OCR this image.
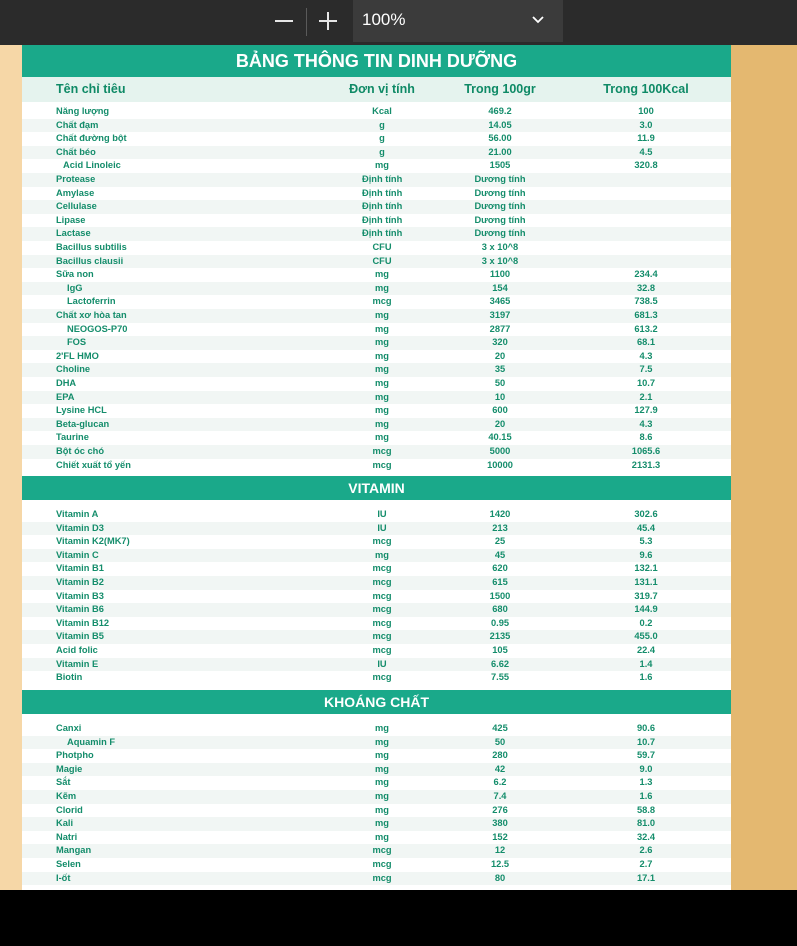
100%
BẢNG THÔNG TIN DINH DƯỠNG
Tên chỉ tiêu	Đơn vị tính	Trong 100gr	Trong 100Kcal
Năng lượng	Kcal	469.2	100
Chất đạm	g	14.05	3.0
Chất đường bột	g	56.00	11.9
Chất béo	g	21.00	4.5
Acid Linoleic	mg	1505	320.8
Protease	Định tính	Dương tính
Amylase	Định tính	Dương tính
Cellulase	Định tính	Dương tính
Lipase	Định tính	Dương tính
Lactase	Định tính	Dương tính
Bacillus subtilis	CFU	3 x 10^8
Bacillus clausii	CFU	3 x 10^8
Sữa non	mg	1100	234.4
IgG	mg	154	32.8
Lactoferrin	mcg	3465	738.5
Chất xơ hòa tan	mg	3197	681.3
NEOGOS-P70	mg	2877	613.2
FOS	mg	320	68.1
2'FL HMO	mg	20	4.3
Choline	mg	35	7.5
DHA	mg	50	10.7
EPA	mg	10	2.1
Lysine HCL	mg	600	127.9
Beta-glucan	mg	20	4.3
Taurine	mg	40.15	8.6
Bột óc chó	mcg	5000	1065.6
Chiết xuất tổ yến	mcg	10000	2131.3
VITAMIN
Vitamin A	IU	1420	302.6
Vitamin D3	IU	213	45.4
Vitamin K2(MK7)	mcg	25	5.3
Vitamin C	mg	45	9.6
Vitamin B1	mcg	620	132.1
Vitamin B2	mcg	615	131.1
Vitamin B3	mcg	1500	319.7
Vitamin B6	mcg	680	144.9
Vitamin B12	mcg	0.95	0.2
Vitamin B5	mcg	2135	455.0
Acid folic	mcg	105	22.4
Vitamin E	IU	6.62	1.4
Biotin	mcg	7.55	1.6
KHOÁNG CHẤT
Canxi	mg	425	90.6
Aquamin F	mg	50	10.7
Photpho	mg	280	59.7
Magie	mg	42	9.0
Sắt	mg	6.2	1.3
Kẽm	mg	7.4	1.6
Clorid	mg	276	58.8
Kali	mg	380	81.0
Natri	mg	152	32.4
Mangan	mcg	12	2.6
Selen	mcg	12.5	2.7
I-ốt	mcg	80	17.1
